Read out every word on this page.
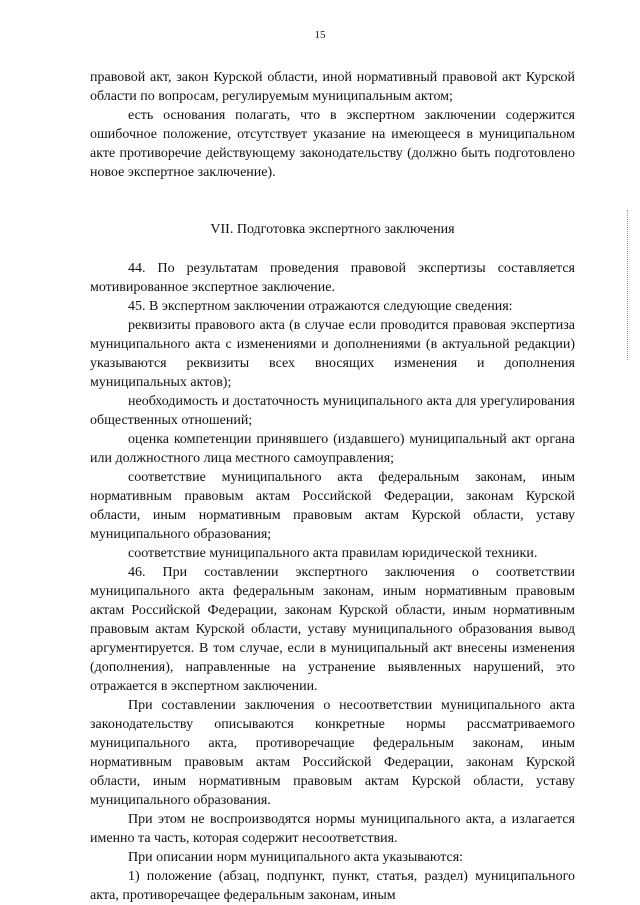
15

правовой акт, закон Курской области, иной нормативный правовой акт Курской области по вопросам, регулируемым муниципальным актом;

есть основания полагать, что в экспертном заключении содержится ошибочное положение, отсутствует указание на имеющееся в муниципальном акте противоречие действующему законодательству (должно быть подготовлено новое экспертное заключение).

VII. Подготовка экспертного заключения

44. По результатам проведения правовой экспертизы составляется мотивированное экспертное заключение.

45. В экспертном заключении отражаются следующие сведения:

реквизиты правового акта (в случае если проводится правовая экспертиза муниципального акта с изменениями и дополнениями (в актуальной редакции) указываются реквизиты всех вносящих изменения и дополнения муниципальных актов);

необходимость и достаточность муниципального акта для урегулирования общественных отношений;

оценка компетенции принявшего (издавшего) муниципальный акт органа или должностного лица местного самоуправления;

соответствие муниципального акта федеральным законам, иным нормативным правовым актам Российской Федерации, законам Курской области, иным нормативным правовым актам Курской области, уставу муниципального образования;

соответствие муниципального акта правилам юридической техники.

46. При составлении экспертного заключения о соответствии муниципального акта федеральным законам, иным нормативным правовым актам Российской Федерации, законам Курской области, иным нормативным правовым актам Курской области, уставу муниципального образования вывод аргументируется. В том случае, если в муниципальный акт внесены изменения (дополнения), направленные на устранение выявленных нарушений, это отражается в экспертном заключении.

При составлении заключения о несоответствии муниципального акта законодательству описываются конкретные нормы рассматриваемого муниципального акта, противоречащие федеральным законам, иным нормативным правовым актам Российской Федерации, законам Курской области, иным нормативным правовым актам Курской области, уставу муниципального образования.

При этом не воспроизводятся нормы муниципального акта, а излагается именно та часть, которая содержит несоответствия.

При описании норм муниципального акта указываются:

1) положение (абзац, подпункт, пункт, статья, раздел) муниципального акта, противоречащее федеральным законам, иным
